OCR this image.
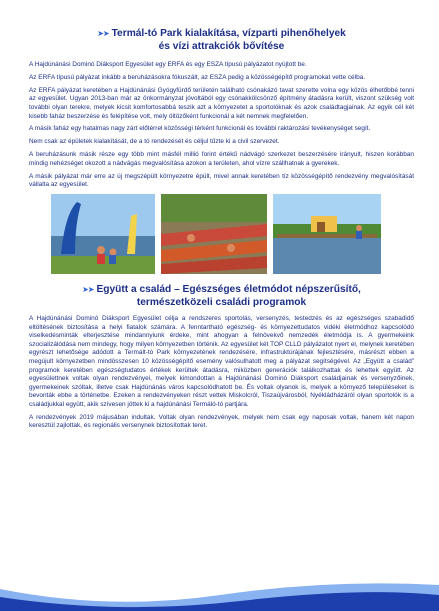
➤➤ Termál-tó Park kialakítása, vízparti pihenőhelyek
és vízi attrakciók bővítése

A Hajdúnánási Dominó Diáksport Egyesület egy ERFA és egy ESZA típusú pályázatot nyújtott be.

Az ERFA típusú pályázat inkább a beruházásokra fókuszált, az ESZA pedig a közösségépítő programokat vette célba.

Az ERFA pályázat keretében a Hajdúnánási Gyógyfürdő területén található csónakázó tavat szerette volna egy közös élhetőbbé tenni az egyesület. Ugyan 2013-ban már az önkormányzat jóvoltából egy csónakkölcsönző építmény átadásra került, viszont szükség volt további olyan terekre, melyek kicsit komfortosabbá teszik azt a környezetet a sportolóknak és azok családtagjainak. Az egyik cél két kisebb faház beszerzése és felépítése volt, mely öltözőként funkcionál a két nemnek megfelelően.

A másik faház egy hatalmas nagy zárt előtérrel közösségi térként funkcionál és további raktározási tevékenységet segít.

Nem csak az épületek kialakítását, de a tó rendezését és céljul tűzte ki a civil szervezet.

A beruházásunk másik része egy több mint másfél millió forint értékű nádvágó szerkezet beszerzésére irányult, hiszen korábban mindig nehézséget okozott a nádvágás megvalósítása azokon a területen, ahol vízre szállhatnak a gyerekek.

A másik pályázat már erre az új megszépült környezetre épült, mivel annak keretében tíz közösségépítő rendezvény megvalósítását vállalta az egyesület.

➤➤ Együtt a család – Egészséges életmódot népszerűsítő,
természetközeli családi programok

A Hajdúnánási Dominó Diáksport Egyesület célja a rendszeres sportolás, versenyzés, testedzés és az egészséges szabadidő eltöltésének biztosítása a helyi fiatalok számára. A fenntartható egészség- és környezettudatos vidéki életmódhoz kapcsolódó viselkedésminták elterjesztése mindannyiunk érdeke, mint ahogyan a felnövekvő nemzedék életmódja is. A gyermekeink szocializálódása nem mindegy, hogy milyen környezetben történik. Az egyesület két TOP CLLD pályázatot nyert el, melynek keretében egyrészt lehetősége adódott a Termált-tó Park környezetének rendezésére, infrastruktúrájának fejlesztésére, másrészt ebben a megújult környezetben mindösszesen 10 közösségépítő esemény valósulhatott meg a pályázat segítségével. Az „Együtt a család” programok keretében egészségtudatos értékek kerültek átadásra, miközben generációk találkozhattak és lehettek együtt. Az egyesülettnek voltak olyan rendezvényei, melyek kimondottan a Hajdúnánási Dominó Diáksport családjainak és versenyzőinek, gyermekeinek szóltak, illetve csak Hajdúnánás város kapcsolódhatott be. És voltak olyanok is, melyek a környező településeket is bevonták ebbe a történetbe. Ezeken a rendezvényeken részt vettek Miskolcról, Tiszaújvárosból, Nyékládházáról olyan sportolók is a családjukkal együtt, akik szívesen jöttek ki a hajdúnánási Termáló-tó partjára.

A rendezvények 2019 májusában indultak. Voltak olyan rendezvények, melyek nem csak egy naposak voltak, hanem két napon keresztül zajlottak, és regionális versenynek biztosítottak teret.
